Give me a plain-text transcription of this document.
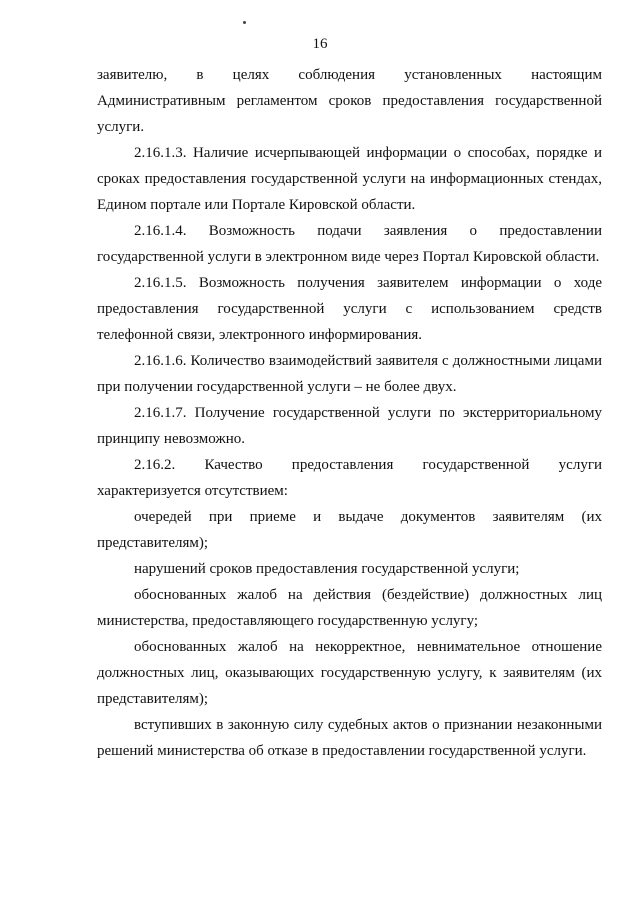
16

заявителю, в целях соблюдения установленных настоящим Административным регламентом сроков предоставления государственной услуги.

2.16.1.3. Наличие исчерпывающей информации о способах, порядке и сроках предоставления государственной услуги на информационных стендах, Едином портале или Портале Кировской области.

2.16.1.4. Возможность подачи заявления о предоставлении государственной услуги в электронном виде через Портал Кировской области.

2.16.1.5. Возможность получения заявителем информации о ходе предоставления государственной услуги с использованием средств телефонной связи, электронного информирования.

2.16.1.6. Количество взаимодействий заявителя с должностными лицами при получении государственной услуги – не более двух.

2.16.1.7. Получение государственной услуги по экстерриториальному принципу невозможно.

2.16.2. Качество предоставления государственной услуги характеризуется отсутствием:

очередей при приеме и выдаче документов заявителям (их представителям);

нарушений сроков предоставления государственной услуги;

обоснованных жалоб на действия (бездействие) должностных лиц министерства, предоставляющего государственную услугу;

обоснованных жалоб на некорректное, невнимательное отношение должностных лиц, оказывающих государственную услугу, к заявителям (их представителям);

вступивших в законную силу судебных актов о признании незаконными решений министерства об отказе в предоставлении государственной услуги.
